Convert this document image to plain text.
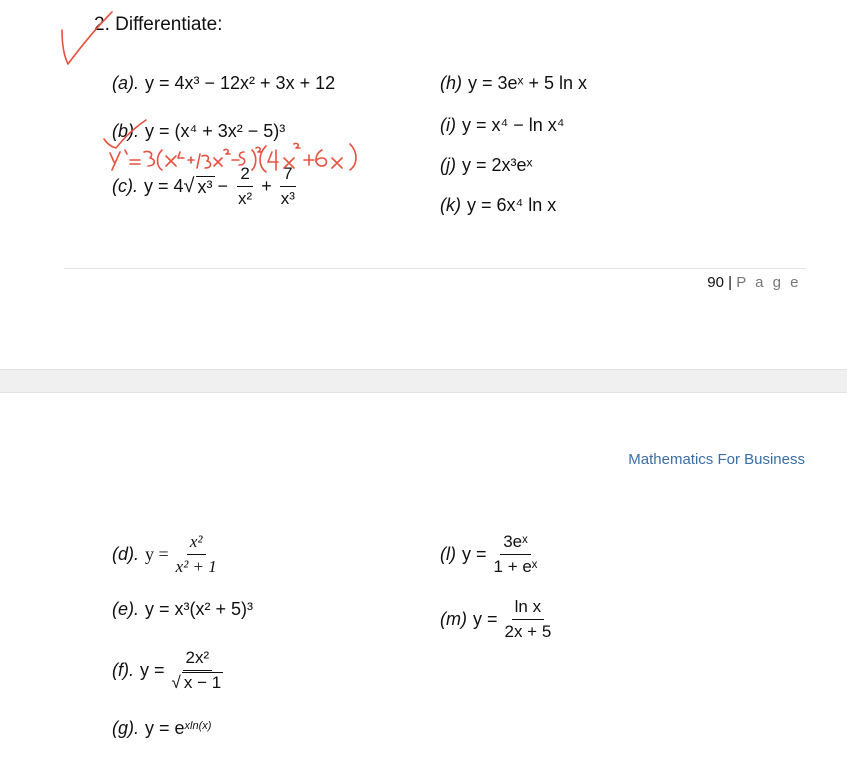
2. Differentiate:
(a). y = 4x³ − 12x² + 3x + 12
(b). y = (x⁴ + 3x² − 5)³
(c). y = 4 √ $x^3 - \frac{2}{\text{x²}} + \frac{7}{\text{x³}}$
(h) y = 3eˣ + 5 ln x
(i) y = x⁴ − ln x⁴
(j) y = 2x³eˣ
(k) y = 6x⁴ ln x
90 | P a g e
Mathematics For Business
(d). $y = \frac{\text{x²}}{\text{x² + 1}}$
(e). y = x³(x² + 5)³
(f). $y = \frac{\text{2x²}}{√ x - 1}$
(g). $y = e^{xln(x)}$
(l) $y = \frac{\text{3eˣ}}{\text{1 + eˣ}}$
(m) $y = \frac{\text{ln x}}{2x + 5}$
